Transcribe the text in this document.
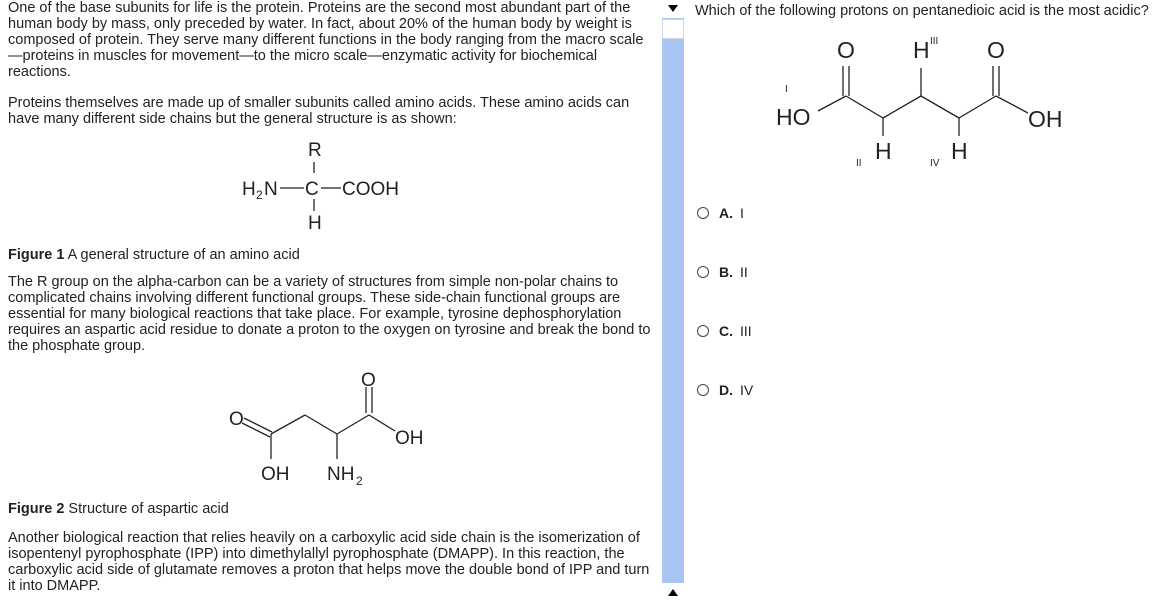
One of the base subunits for life is the protein. Proteins are the second most abundant part of the human body by mass, only preceded by water. In fact, about 20% of the human body by weight is composed of protein. They serve many different functions in the body ranging from the macro scale—proteins in muscles for movement—to the micro scale—enzymatic activity for biochemical reactions.

Proteins themselves are made up of smaller subunits called amino acids. These amino acids can have many different side chains but the general structure is as shown:

R
H 2 N C COOH
H
Figure 1 A general structure of an amino acid

The R group on the alpha-carbon can be a variety of structures from simple non-polar chains to complicated chains involving different functional groups. These side-chain functional groups are essential for many biological reactions that take place. For example, tyrosine dephosphorylation requires an aspartic acid residue to donate a proton to the oxygen on tyrosine and break the bond to the phosphate group.

O
O
OH
OH NH 2
Figure 2 Structure of aspartic acid

Another biological reaction that relies heavily on a carboxylic acid side chain is the isomerization of isopentenyl pyrophosphate (IPP) into dimethylallyl pyrophosphate (DMAPP). In this reaction, the carboxylic acid side of glutamate removes a proton that helps move the double bond of IPP and turn it into DMAPP.

Which of the following protons on pentanedioic acid is the most acidic?
O
I
HO
H
II
H III
H
IV
O
OH
A. I
B. II
C. III
D. IV
